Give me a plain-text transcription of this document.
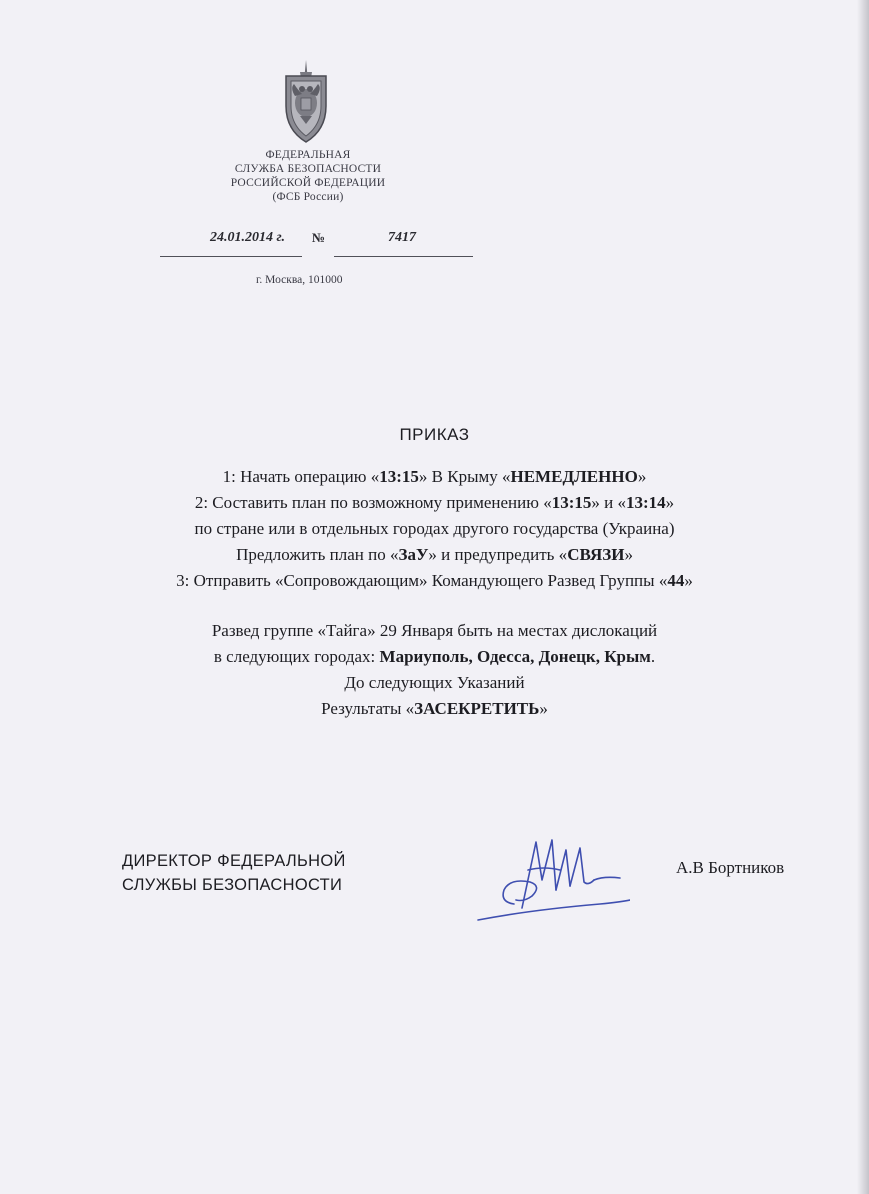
ФЕДЕРАЛЬНАЯ
СЛУЖБА БЕЗОПАСНОСТИ
РОССИЙСКОЙ ФЕДЕРАЦИИ
(ФСБ России)
24.01.2014 г. №	7417
г. Москва, 101000
ПРИКАЗ
1: Начать операцию «13:15» В Крыму «НЕМЕДЛЕННО»
2: Составить план по возможному применению «13:15» и «13:14»
по стране или в отдельных городах другого государства (Украина)
Предложить план по «ЗаУ» и предупредить «СВЯЗИ»
3: Отправить «Сопровождающим» Командующего Развед Группы «44»
Развед группе «Тайга» 29 Января быть на местах дислокаций
в следующих городах: Мариуполь, Одесса, Донецк, Крым.
До следующих Указаний
Результаты «ЗАСЕКРЕТИТЬ»
ДИРЕКТОР ФЕДЕРАЛЬНОЙ
СЛУЖБЫ БЕЗОПАСНОСТИ
А.В Бортников
